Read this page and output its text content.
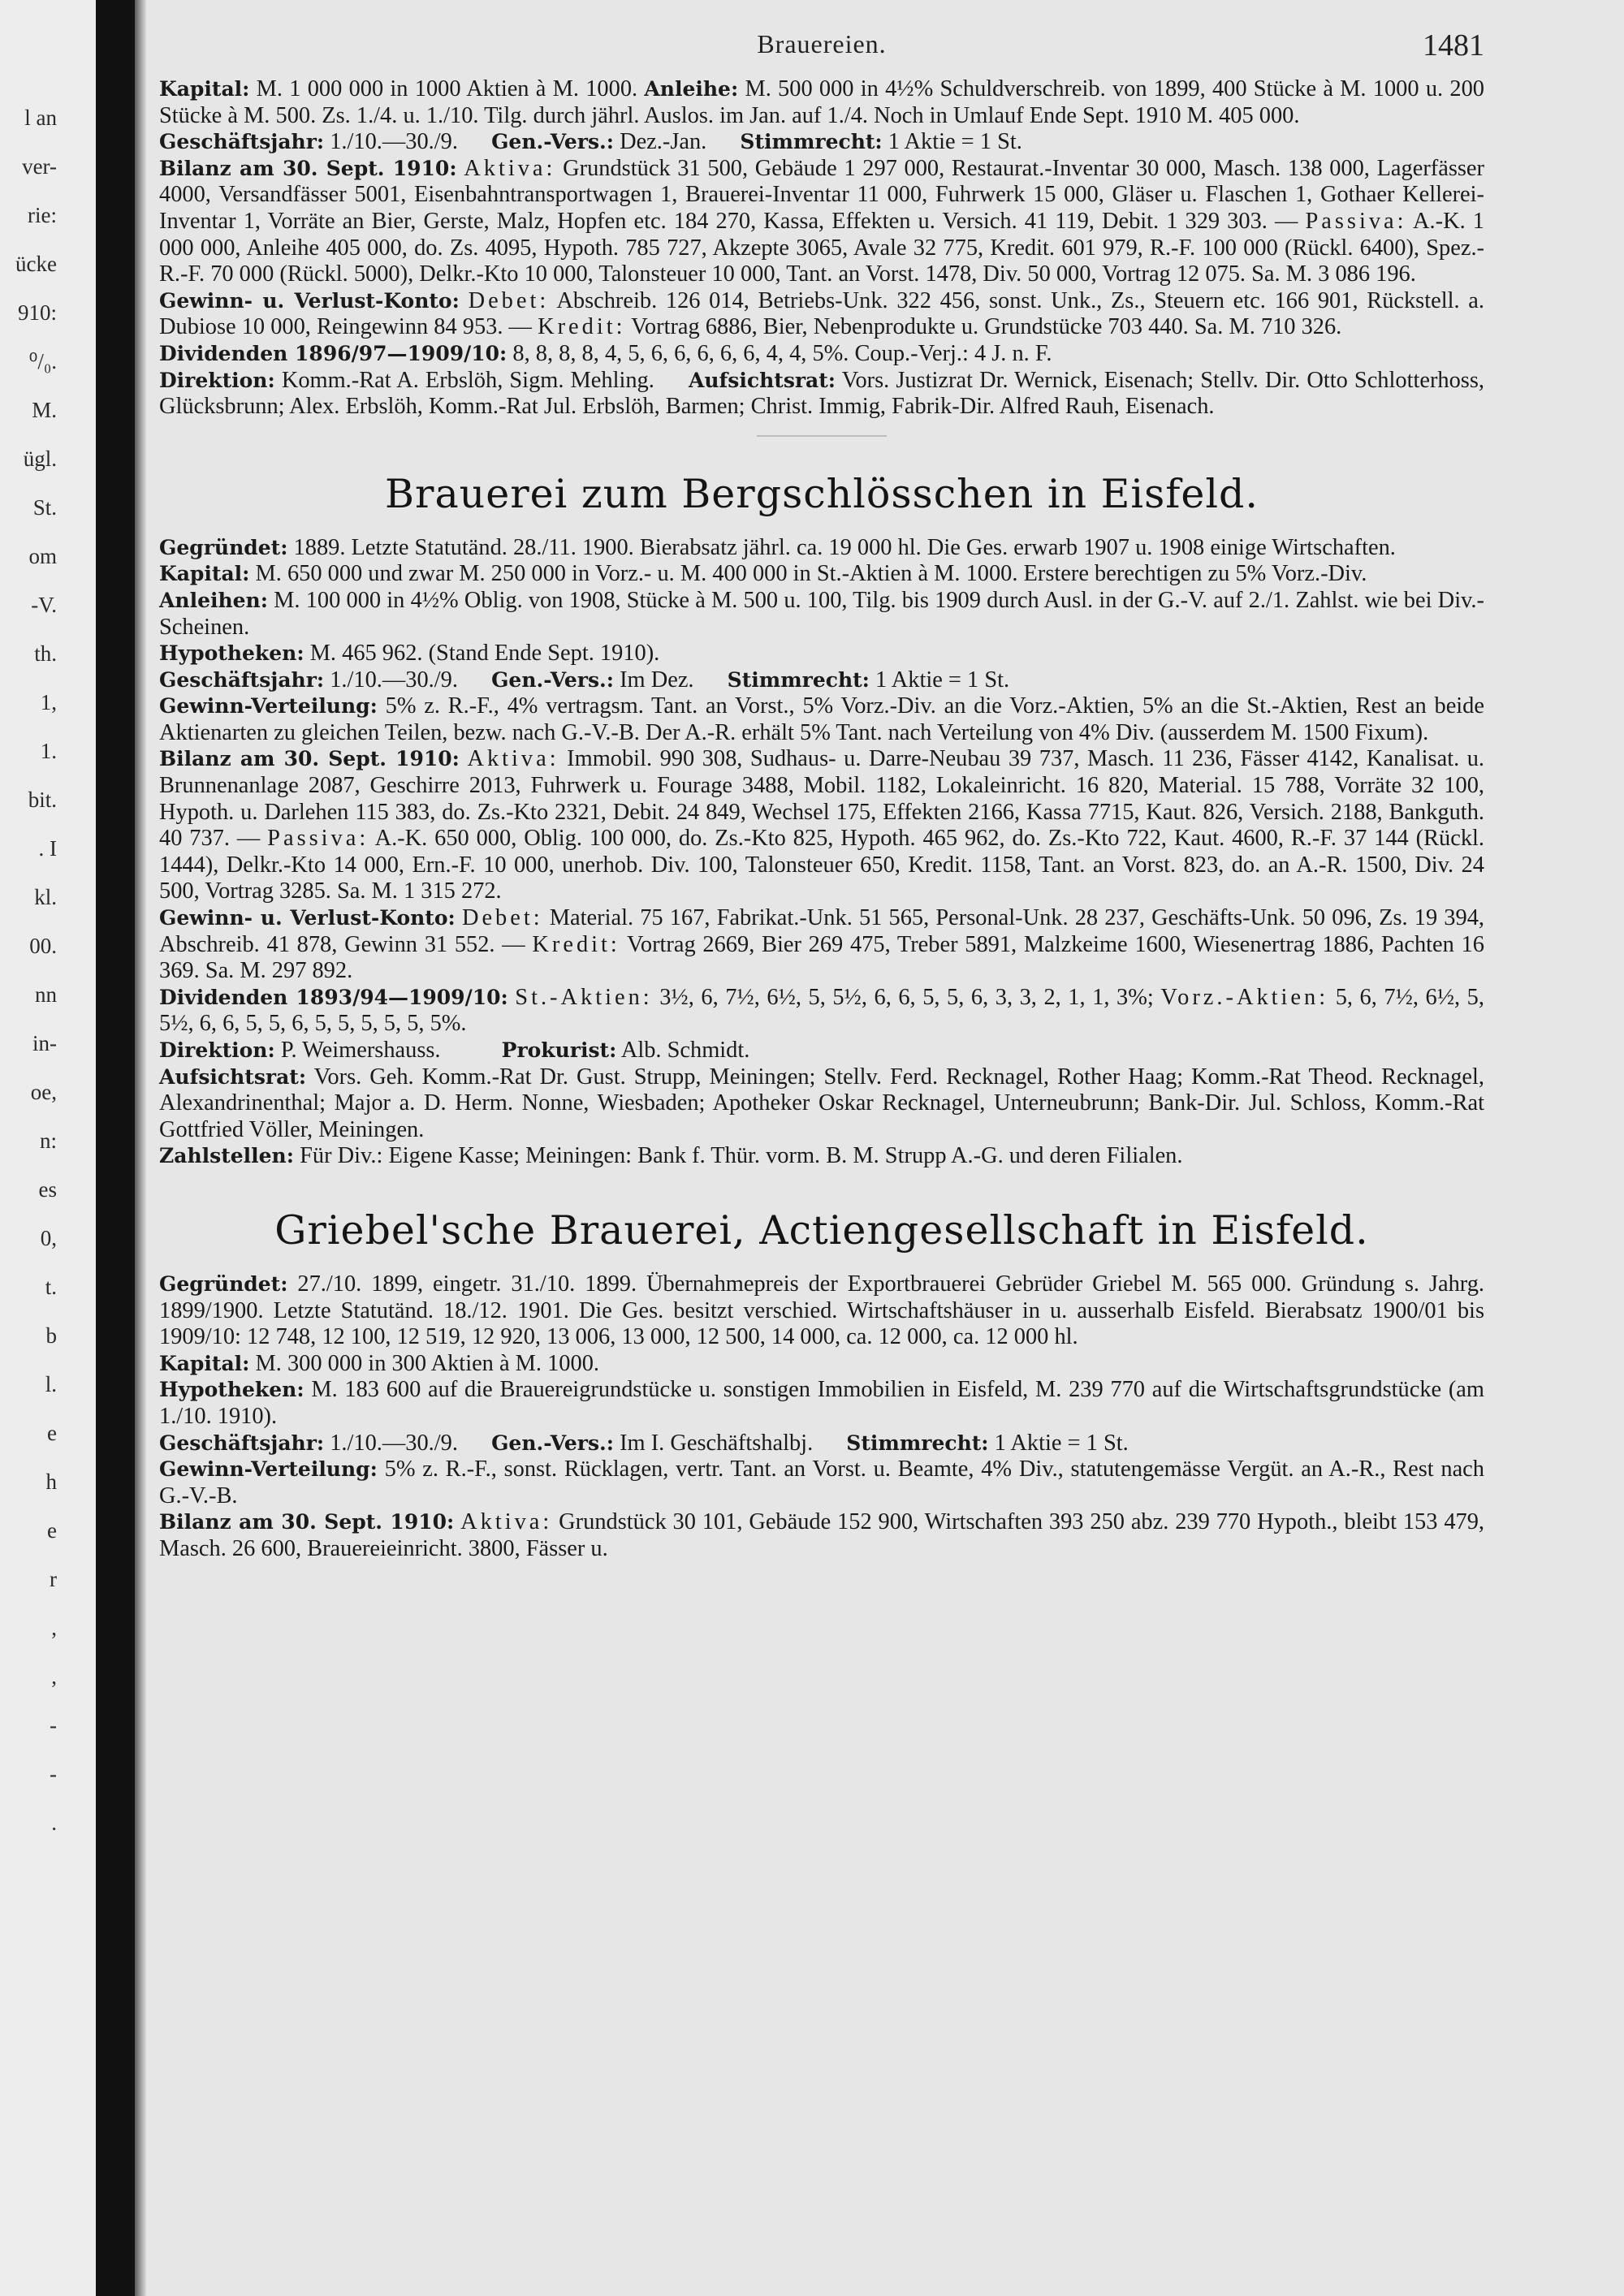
l an
ver-
rie:
ücke
910:
⁰/₀.
M.
ügl.
St.
om
-V.
th.
1,
1.
bit.
. I
kl.
00.
nn
in-
oe,
n:
es
0,
t.
b
l.
e
h
e
r
,
,
-
-
.
Brauereien.	1481

Kapital: M. 1 000 000 in 1000 Aktien à M. 1000. Anleihe: M. 500 000 in 4½% Schuldverschreib. von 1899, 400 Stücke à M. 1000 u. 200 Stücke à M. 500. Zs. 1./4. u. 1./10. Tilg. durch jährl. Auslos. im Jan. auf 1./4. Noch in Umlauf Ende Sept. 1910 M. 405 000.

Geschäftsjahr: 1./10.—30./9. Gen.-Vers.: Dez.-Jan. Stimmrecht: 1 Aktie = 1 St.

Bilanz am 30. Sept. 1910: Aktiva: Grundstück 31 500, Gebäude 1 297 000, Restaurat.-Inventar 30 000, Masch. 138 000, Lagerfässer 4000, Versandfässer 5001, Eisenbahntransportwagen 1, Brauerei-Inventar 11 000, Fuhrwerk 15 000, Gläser u. Flaschen 1, Gothaer Kellerei-Inventar 1, Vorräte an Bier, Gerste, Malz, Hopfen etc. 184 270, Kassa, Effekten u. Versich. 41 119, Debit. 1 329 303. — Passiva: A.-K. 1 000 000, Anleihe 405 000, do. Zs. 4095, Hypoth. 785 727, Akzepte 3065, Avale 32 775, Kredit. 601 979, R.-F. 100 000 (Rückl. 6400), Spez.-R.-F. 70 000 (Rückl. 5000), Delkr.-Kto 10 000, Talonsteuer 10 000, Tant. an Vorst. 1478, Div. 50 000, Vortrag 12 075. Sa. M. 3 086 196.

Gewinn- u. Verlust-Konto: Debet: Abschreib. 126 014, Betriebs-Unk. 322 456, sonst. Unk., Zs., Steuern etc. 166 901, Rückstell. a. Dubiose 10 000, Reingewinn 84 953. — Kredit: Vortrag 6886, Bier, Nebenprodukte u. Grundstücke 703 440. Sa. M. 710 326.

Dividenden 1896/97—1909/10: 8, 8, 8, 8, 4, 5, 6, 6, 6, 6, 6, 4, 4, 5%. Coup.-Verj.: 4 J. n. F.

Direktion: Komm.-Rat A. Erbslöh, Sigm. Mehling. Aufsichtsrat: Vors. Justizrat Dr. Wernick, Eisenach; Stellv. Dir. Otto Schlotterhoss, Glücksbrunn; Alex. Erbslöh, Komm.-Rat Jul. Erbslöh, Barmen; Christ. Immig, Fabrik-Dir. Alfred Rauh, Eisenach.

Brauerei zum Bergschlösschen in Eisfeld.

Gegründet: 1889. Letzte Statutänd. 28./11. 1900. Bierabsatz jährl. ca. 19 000 hl. Die Ges. erwarb 1907 u. 1908 einige Wirtschaften.

Kapital: M. 650 000 und zwar M. 250 000 in Vorz.- u. M. 400 000 in St.-Aktien à M. 1000. Erstere berechtigen zu 5% Vorz.-Div.

Anleihen: M. 100 000 in 4½% Oblig. von 1908, Stücke à M. 500 u. 100, Tilg. bis 1909 durch Ausl. in der G.-V. auf 2./1. Zahlst. wie bei Div.-Scheinen.

Hypotheken: M. 465 962. (Stand Ende Sept. 1910).

Geschäftsjahr: 1./10.—30./9. Gen.-Vers.: Im Dez. Stimmrecht: 1 Aktie = 1 St.

Gewinn-Verteilung: 5% z. R.-F., 4% vertragsm. Tant. an Vorst., 5% Vorz.-Div. an die Vorz.-Aktien, 5% an die St.-Aktien, Rest an beide Aktienarten zu gleichen Teilen, bezw. nach G.-V.-B. Der A.-R. erhält 5% Tant. nach Verteilung von 4% Div. (ausserdem M. 1500 Fixum).

Bilanz am 30. Sept. 1910: Aktiva: Immobil. 990 308, Sudhaus- u. Darre-Neubau 39 737, Masch. 11 236, Fässer 4142, Kanalisat. u. Brunnenanlage 2087, Geschirre 2013, Fuhrwerk u. Fourage 3488, Mobil. 1182, Lokaleinricht. 16 820, Material. 15 788, Vorräte 32 100, Hypoth. u. Darlehen 115 383, do. Zs.-Kto 2321, Debit. 24 849, Wechsel 175, Effekten 2166, Kassa 7715, Kaut. 826, Versich. 2188, Bankguth. 40 737. — Passiva: A.-K. 650 000, Oblig. 100 000, do. Zs.-Kto 825, Hypoth. 465 962, do. Zs.-Kto 722, Kaut. 4600, R.-F. 37 144 (Rückl. 1444), Delkr.-Kto 14 000, Ern.-F. 10 000, unerhob. Div. 100, Talonsteuer 650, Kredit. 1158, Tant. an Vorst. 823, do. an A.-R. 1500, Div. 24 500, Vortrag 3285. Sa. M. 1 315 272.

Gewinn- u. Verlust-Konto: Debet: Material. 75 167, Fabrikat.-Unk. 51 565, Personal-Unk. 28 237, Geschäfts-Unk. 50 096, Zs. 19 394, Abschreib. 41 878, Gewinn 31 552. — Kredit: Vortrag 2669, Bier 269 475, Treber 5891, Malzkeime 1600, Wiesenertrag 1886, Pachten 16 369. Sa. M. 297 892.

Dividenden 1893/94—1909/10: St.-Aktien: 3½, 6, 7½, 6½, 5, 5½, 6, 6, 5, 5, 6, 3, 3, 2, 1, 1, 3%; Vorz.-Aktien: 5, 6, 7½, 6½, 5, 5½, 6, 6, 5, 5, 6, 5, 5, 5, 5, 5, 5%.

Direktion: P. Weimershauss.	Prokurist: Alb. Schmidt.

Aufsichtsrat: Vors. Geh. Komm.-Rat Dr. Gust. Strupp, Meiningen; Stellv. Ferd. Recknagel, Rother Haag; Komm.-Rat Theod. Recknagel, Alexandrinenthal; Major a. D. Herm. Nonne, Wiesbaden; Apotheker Oskar Recknagel, Unterneubrunn; Bank-Dir. Jul. Schloss, Komm.-Rat Gottfried Völler, Meiningen.

Zahlstellen: Für Div.: Eigene Kasse; Meiningen: Bank f. Thür. vorm. B. M. Strupp A.-G. und deren Filialen.

Griebel'sche Brauerei, Actiengesellschaft in Eisfeld.

Gegründet: 27./10. 1899, eingetr. 31./10. 1899. Übernahmepreis der Exportbrauerei Gebrüder Griebel M. 565 000. Gründung s. Jahrg. 1899/1900. Letzte Statutänd. 18./12. 1901. Die Ges. besitzt verschied. Wirtschaftshäuser in u. ausserhalb Eisfeld. Bierabsatz 1900/01 bis 1909/10: 12 748, 12 100, 12 519, 12 920, 13 006, 13 000, 12 500, 14 000, ca. 12 000, ca. 12 000 hl.

Kapital: M. 300 000 in 300 Aktien à M. 1000.

Hypotheken: M. 183 600 auf die Brauereigrundstücke u. sonstigen Immobilien in Eisfeld, M. 239 770 auf die Wirtschaftsgrundstücke (am 1./10. 1910).

Geschäftsjahr: 1./10.—30./9. Gen.-Vers.: Im I. Geschäftshalbj. Stimmrecht: 1 Aktie = 1 St.

Gewinn-Verteilung: 5% z. R.-F., sonst. Rücklagen, vertr. Tant. an Vorst. u. Beamte, 4% Div., statutengemässe Vergüt. an A.-R., Rest nach G.-V.-B.

Bilanz am 30. Sept. 1910: Aktiva: Grundstück 30 101, Gebäude 152 900, Wirtschaften 393 250 abz. 239 770 Hypoth., bleibt 153 479, Masch. 26 600, Brauereieinricht. 3800, Fässer u.
